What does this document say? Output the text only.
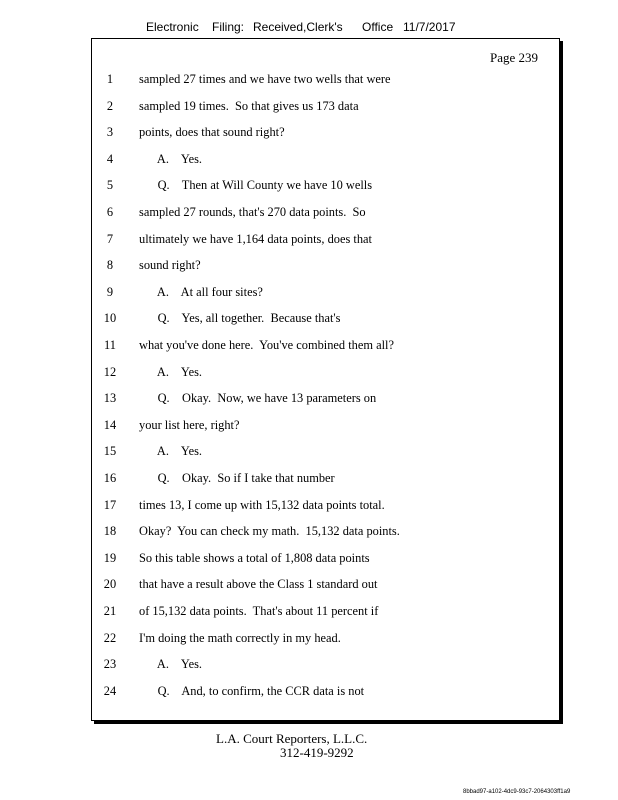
Electronic Filing: Received,Clerk's Office 11/7/2017
Page 239
1	sampled 27 times and we have two wells that were
2	sampled 19 times.  So that gives us 173 data
3	points, does that sound right?
4	A.    Yes.
5	Q.    Then at Will County we have 10 wells
6	sampled 27 rounds, that's 270 data points.  So
7	ultimately we have 1,164 data points, does that
8	sound right?
9	A.    At all four sites?
10	Q.    Yes, all together.  Because that's
11	what you've done here.  You've combined them all?
12	A.    Yes.
13	Q.    Okay.  Now, we have 13 parameters on
14	your list here, right?
15	A.    Yes.
16	Q.    Okay.  So if I take that number
17	times 13, I come up with 15,132 data points total.
18	Okay?  You can check my math.  15,132 data points.
19	So this table shows a total of 1,808 data points
20	that have a result above the Class 1 standard out
21	of 15,132 data points.  That's about 11 percent if
22	I'm doing the math correctly in my head.
23	A.    Yes.
24	Q.    And, to confirm, the CCR data is not
L.A. Court Reporters, L.L.C.
312-419-9292
8bbad97-a102-4dc9-93c7-2064303ff1a9
